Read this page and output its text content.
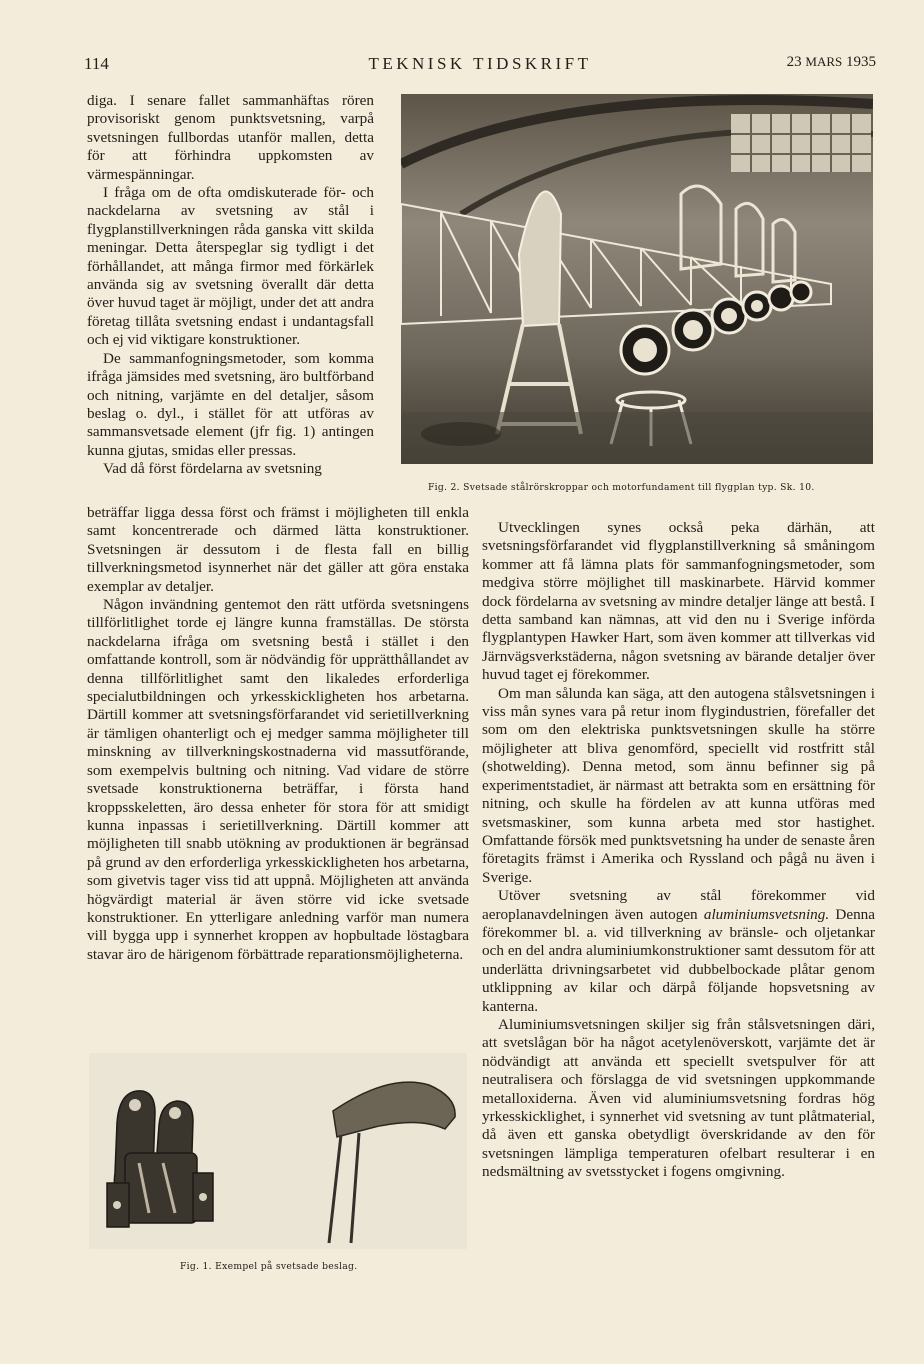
114	TEKNISK TIDSKRIFT	23 MARS 1935

diga. I senare fallet sammanhäftas rören provisoriskt genom punktsvetsning, varpå svetsningen fullbordas utanför mallen, detta för att förhindra uppkomsten av värmespänningar.

I fråga om de ofta omdiskuterade för- och nackdelarna av svetsning av stål i flygplanstillverkningen råda ganska vitt skilda meningar. Detta återspeglar sig tydligt i det förhållandet, att många firmor med förkärlek använda sig av svetsning överallt där detta över huvud taget är möjligt, under det att andra företag tillåta svetsning endast i undantagsfall och ej vid viktigare konstruktioner.

De sammanfogningsmetoder, som komma ifråga jämsides med svetsning, äro bultförband och nitning, varjämte en del detaljer, såsom beslag o. dyl., i stället för att utföras av sammansvetsade element (jfr fig. 1) antingen kunna gjutas, smidas eller pressas.

Vad då först fördelarna av svetsning

beträffar ligga dessa först och främst i möjligheten till enkla samt koncentrerade och därmed lätta konstruktioner. Svetsningen är dessutom i de flesta fall en billig tillverkningsmetod isynnerhet när det gäller att göra enstaka exemplar av detaljer.

Någon invändning gentemot den rätt utförda svetsningens tillförlitlighet torde ej längre kunna framställas. De största nackdelarna ifråga om svetsning bestå i stället i den omfattande kontroll, som är nödvändig för upprätthållandet av denna tillförlitlighet samt den likaledes erforderliga specialutbildningen och yrkesskickligheten hos arbetarna. Därtill kommer att svetsningsförfarandet vid serietillverkning är tämligen ohanterligt och ej medger samma möjligheter till minskning av tillverkningskostnaderna vid massutförande, som exempelvis bultning och nitning. Vad vidare de större svetsade konstruktionerna beträffar, i första hand kroppsskeletten, äro dessa enheter för stora för att smidigt kunna inpassas i serietillverkning. Därtill kommer att möjligheten till snabb utökning av produktionen är begränsad på grund av den erforderliga yrkesskickligheten hos arbetarna, som givetvis tager viss tid att uppnå. Möjligheten att använda högvärdigt material är även större vid icke svetsade konstruktioner. En ytterligare anledning varför man numera vill bygga upp i synnerhet kroppen av hopbultade löstagbara stavar äro de härigenom förbättrade reparationsmöjligheterna.

Utvecklingen synes också peka därhän, att svetsningsförfarandet vid flygplanstillverkning så småningom kommer att få lämna plats för sammanfogningsmetoder, som medgiva större möjlighet till maskinarbete. Härvid kommer dock fördelarna av svetsning av mindre detaljer länge att bestå. I detta samband kan nämnas, att vid den nu i Sverige införda flygplantypen Hawker Hart, som även kommer att tillverkas vid Järnvägsverkstäderna, någon svetsning av bärande detaljer över huvud taget ej förekommer.

Om man sålunda kan säga, att den autogena stålsvetsningen i viss mån synes vara på retur inom flygindustrien, förefaller det som om den elektriska punktsvetsningen skulle ha större möjligheter att bliva genomförd, speciellt vid rostfritt stål (shotwelding). Denna metod, som ännu befinner sig på experimentstadiet, är närmast att betrakta som en ersättning för nitning, och skulle ha fördelen av att kunna utföras med svetsmaskiner, som kunna arbeta med stor hastighet. Omfattande försök med punktsvetsning ha under de senaste åren företagits främst i Amerika och Ryssland och pågå nu även i Sverige.

Utöver svetsning av stål förekommer vid aeroplanavdelningen även autogen aluminiumsvetsning. Denna förekommer bl. a. vid tillverkning av bränsle- och oljetankar och en del andra aluminiumkonstruktioner samt dessutom för att underlätta drivningsarbetet vid dubbelbockade plåtar genom utklippning av kilar och därpå följande hopsvetsning av kanterna.

Aluminiumsvetsningen skiljer sig från stålsvetsningen däri, att svetslågan bör ha något acetylenöverskott, varjämte det är nödvändigt att använda ett speciellt svetspulver för att neutralisera och förslagga de vid svetsningen uppkommande metalloxiderna. Även vid aluminiumsvetsning fordras hög yrkesskicklighet, i synnerhet vid svetsning av tunt plåtmaterial, då även ett ganska obetydligt överskridande av den för svetsningen lämpliga temperaturen ofelbart resulterar i en nedsmältning av svetsstycket i fogens omgivning.

Fig. 2. Svetsade stålrörskroppar och motorfundament till flygplan typ. Sk. 10.
Fig. 1. Exempel på svetsade beslag.
